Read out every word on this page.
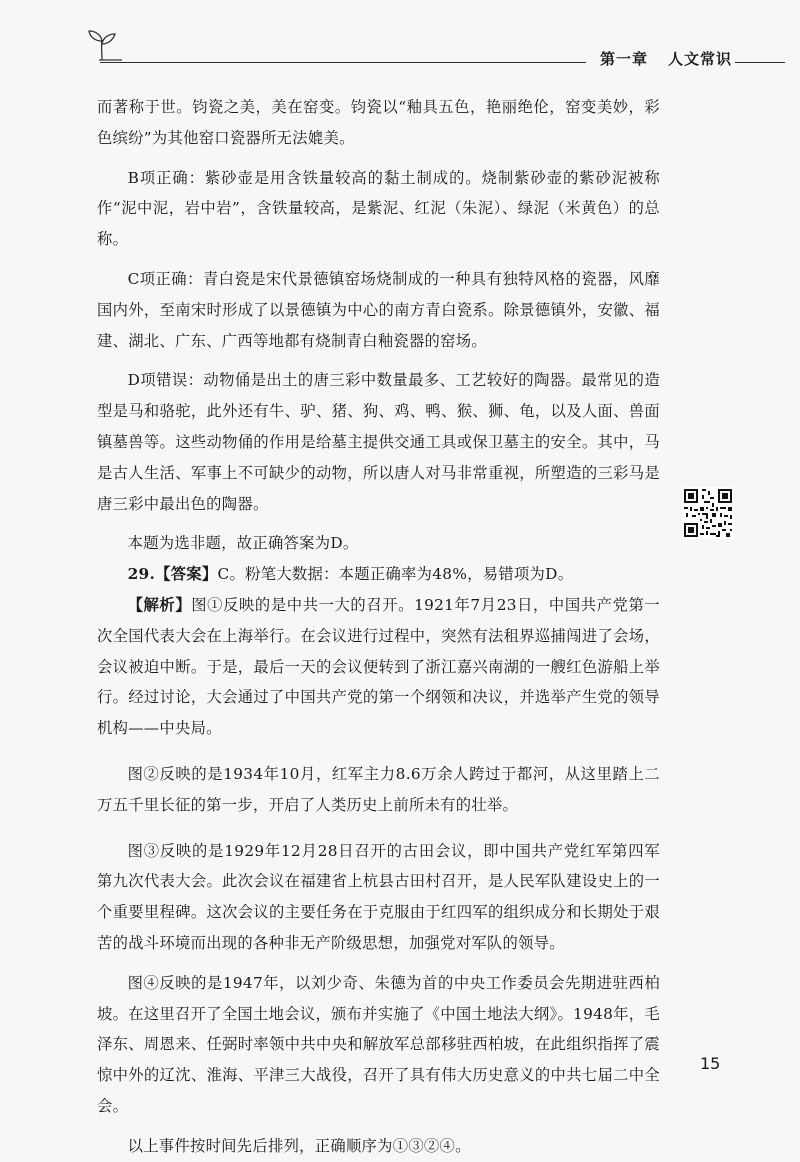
第一章 人文常识

而著称于世。钧瓷之美，美在窑变。钧瓷以“釉具五色，艳丽绝伦，窑变美妙，彩色缤纷”为其他窑口瓷器所无法媲美。

B项正确：紫砂壶是用含铁量较高的黏土制成的。烧制紫砂壶的紫砂泥被称作“泥中泥，岩中岩”，含铁量较高，是紫泥、红泥（朱泥）、绿泥（米黄色）的总称。

C项正确：青白瓷是宋代景德镇窑场烧制成的一种具有独特风格的瓷器，风靡国内外，至南宋时形成了以景德镇为中心的南方青白瓷系。除景德镇外，安徽、福建、湖北、广东、广西等地都有烧制青白釉瓷器的窑场。

D项错误：动物俑是出土的唐三彩中数量最多、工艺较好的陶器。最常见的造型是马和骆驼，此外还有牛、驴、猪、狗、鸡、鸭、猴、狮、龟，以及人面、兽面镇墓兽等。这些动物俑的作用是给墓主提供交通工具或保卫墓主的安全。其中，马是古人生活、军事上不可缺少的动物，所以唐人对马非常重视，所塑造的三彩马是唐三彩中最出色的陶器。

本题为选非题，故正确答案为D。

29.【答案】C。粉笔大数据：本题正确率为48%，易错项为D。

【解析】图①反映的是中共一大的召开。1921年7月23日，中国共产党第一次全国代表大会在上海举行。在会议进行过程中，突然有法租界巡捕闯进了会场，会议被迫中断。于是，最后一天的会议便转到了浙江嘉兴南湖的一艘红色游船上举行。经过讨论，大会通过了中国共产党的第一个纲领和决议，并选举产生党的领导机构——中央局。

图②反映的是1934年10月，红军主力8.6万余人跨过于都河，从这里踏上二万五千里长征的第一步，开启了人类历史上前所未有的壮举。

图③反映的是1929年12月28日召开的古田会议，即中国共产党红军第四军第九次代表大会。此次会议在福建省上杭县古田村召开，是人民军队建设史上的一个重要里程碑。这次会议的主要任务在于克服由于红四军的组织成分和长期处于艰苦的战斗环境而出现的各种非无产阶级思想，加强党对军队的领导。

图④反映的是1947年，以刘少奇、朱德为首的中央工作委员会先期进驻西柏坡。在这里召开了全国土地会议，颁布并实施了《中国土地法大纲》。1948年，毛泽东、周恩来、任弼时率领中共中央和解放军总部移驻西柏坡，在此组织指挥了震惊中外的辽沈、淮海、平津三大战役，召开了具有伟大历史意义的中共七届二中全会。

以上事件按时间先后排列，正确顺序为①③②④。

15
